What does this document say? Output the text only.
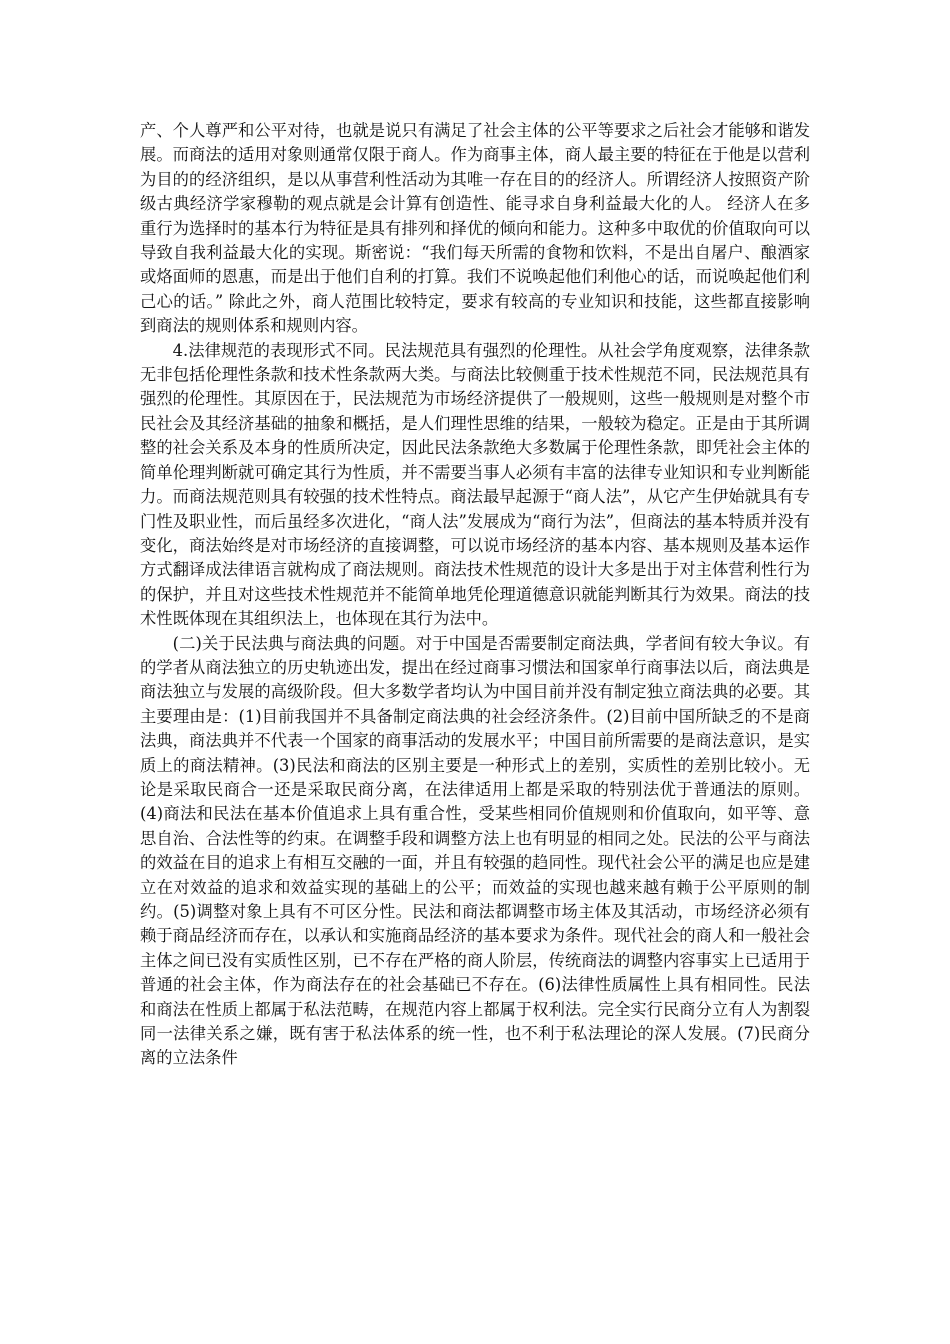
产、个人尊严和公平对待，也就是说只有满足了社会主体的公平等要求之后社会才能够和谐发展。而商法的适用对象则通常仅限于商人。作为商事主体，商人最主要的特征在于他是以营利为目的的经济组织，是以从事营利性活动为其唯一存在目的的经济人。所谓经济人按照资产阶级古典经济学家穆勒的观点就是会计算有创造性、能寻求自身利益最大化的人。 经济人在多重行为选择时的基本行为特征是具有排列和择优的倾向和能力。这种多中取优的价值取向可以导致自我利益最大化的实现。斯密说：“我们每天所需的食物和饮料，不是出自屠户、酿酒家或烙面师的恩惠，而是出于他们自利的打算。我们不说唤起他们利他心的话，而说唤起他们利己心的话。” 除此之外，商人范围比较特定，要求有较高的专业知识和技能，这些都直接影响到商法的规则体系和规则内容。

4.法律规范的表现形式不同。民法规范具有强烈的伦理性。从社会学角度观察，法律条款无非包括伦理性条款和技术性条款两大类。与商法比较侧重于技术性规范不同，民法规范具有强烈的伦理性。其原因在于，民法规范为市场经济提供了一般规则，这些一般规则是对整个市民社会及其经济基础的抽象和概括，是人们理性思维的结果，一般较为稳定。正是由于其所调整的社会关系及本身的性质所决定，因此民法条款绝大多数属于伦理性条款，即凭社会主体的简单伦理判断就可确定其行为性质，并不需要当事人必须有丰富的法律专业知识和专业判断能力。而商法规范则具有较强的技术性特点。商法最早起源于“商人法”，从它产生伊始就具有专门性及职业性，而后虽经多次进化，“商人法”发展成为“商行为法”，但商法的基本特质并没有变化，商法始终是对市场经济的直接调整，可以说市场经济的基本内容、基本规则及基本运作方式翻译成法律语言就构成了商法规则。商法技术性规范的设计大多是出于对主体营利性行为的保护，并且对这些技术性规范并不能简单地凭伦理道德意识就能判断其行为效果。商法的技术性既体现在其组织法上，也体现在其行为法中。

(二)关于民法典与商法典的问题。对于中国是否需要制定商法典，学者间有较大争议。有的学者从商法独立的历史轨迹出发，提出在经过商事习惯法和国家单行商事法以后，商法典是商法独立与发展的高级阶段。但大多数学者均认为中国目前并没有制定独立商法典的必要。其主要理由是：(1)目前我国并不具备制定商法典的社会经济条件。(2)目前中国所缺乏的不是商法典，商法典并不代表一个国家的商事活动的发展水平；中国目前所需要的是商法意识，是实质上的商法精神。(3)民法和商法的区别主要是一种形式上的差别，实质性的差别比较小。无论是采取民商合一还是采取民商分离，在法律适用上都是采取的特别法优于普通法的原则。(4)商法和民法在基本价值追求上具有重合性，受某些相同价值规则和价值取向，如平等、意思自治、合法性等的约束。在调整手段和调整方法上也有明显的相同之处。民法的公平与商法的效益在目的追求上有相互交融的一面，并且有较强的趋同性。现代社会公平的满足也应是建立在对效益的追求和效益实现的基础上的公平；而效益的实现也越来越有赖于公平原则的制约。(5)调整对象上具有不可区分性。民法和商法都调整市场主体及其活动，市场经济必须有赖于商品经济而存在，以承认和实施商品经济的基本要求为条件。现代社会的商人和一般社会主体之间已没有实质性区别，已不存在严格的商人阶层，传统商法的调整内容事实上已适用于普通的社会主体，作为商法存在的社会基础已不存在。(6)法律性质属性上具有相同性。民法和商法在性质上都属于私法范畴，在规范内容上都属于权利法。完全实行民商分立有人为割裂同一法律关系之嫌，既有害于私法体系的统一性，也不利于私法理论的深人发展。(7)民商分离的立法条件
